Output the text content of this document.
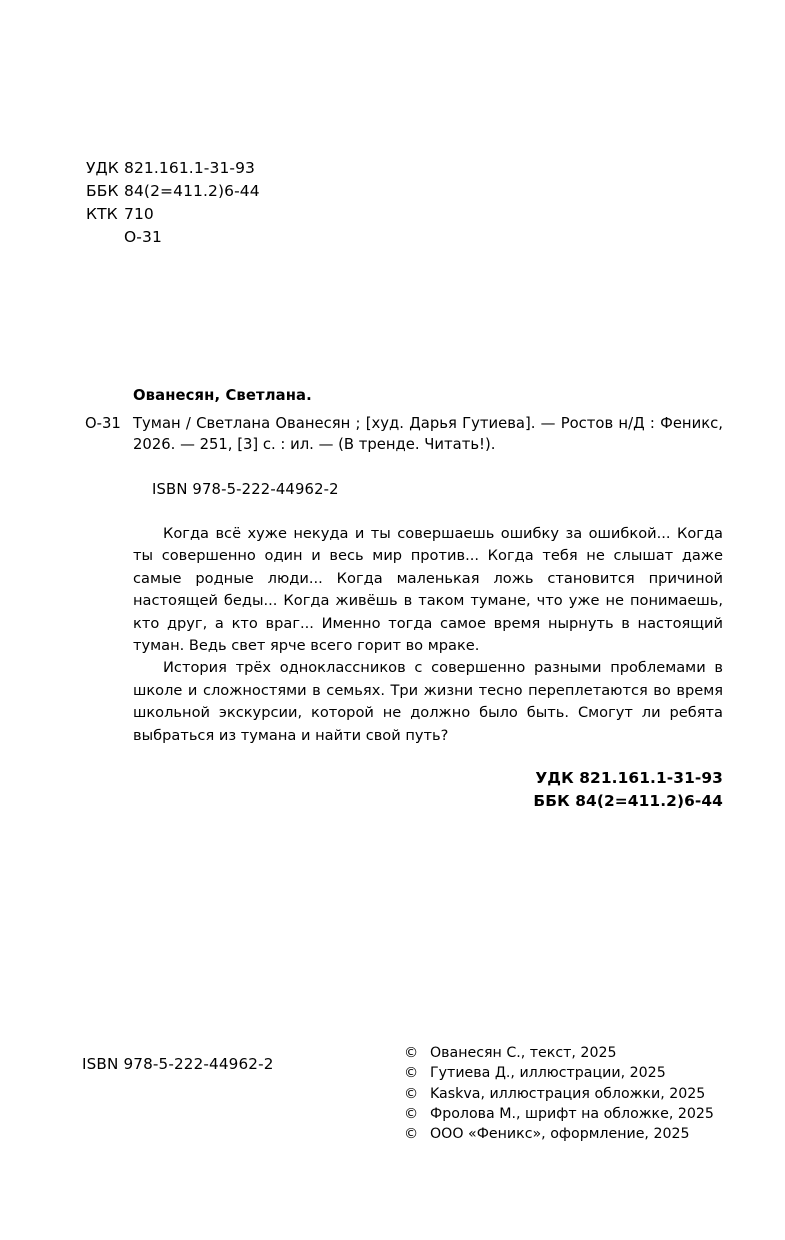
УДК 821.161.1-31-93
ББК 84(2=411.2)6-44
КТК 710
О-31
Ованесян, Светлана.
О-31 Туман / Светлана Ованесян ; [худ. Дарья Гутиева]. — Ростов н/Д : Феникс, 2026. — 251, [3] с. : ил. — (В тренде. Читать!).
ISBN 978-5-222-44962-2

Когда всё хуже некуда и ты совершаешь ошибку за ошибкой... Когда ты совершенно один и весь мир против... Когда тебя не слышат даже самые родные люди... Когда маленькая ложь становится причиной настоящей беды... Когда живёшь в таком тумане, что уже не понимаешь, кто друг, а кто враг... Именно тогда самое время нырнуть в настоящий туман. Ведь свет ярче всего горит во мраке.

История трёх одноклассников с совершенно разными проблемами в школе и сложностями в семьях. Три жизни тесно переплетаются во время школьной экскурсии, которой не должно было быть. Смогут ли ребята выбраться из тумана и найти свой путь?

УДК 821.161.1-31-93
ББК 84(2=411.2)6-44
ISBN 978-5-222-44962-2
© Ованесян С., текст, 2025
© Гутиева Д., иллюстрации, 2025
© Kaskva, иллюстрация обложки, 2025
© Фролова М., шрифт на обложке, 2025
© ООО «Феникс», оформление, 2025
